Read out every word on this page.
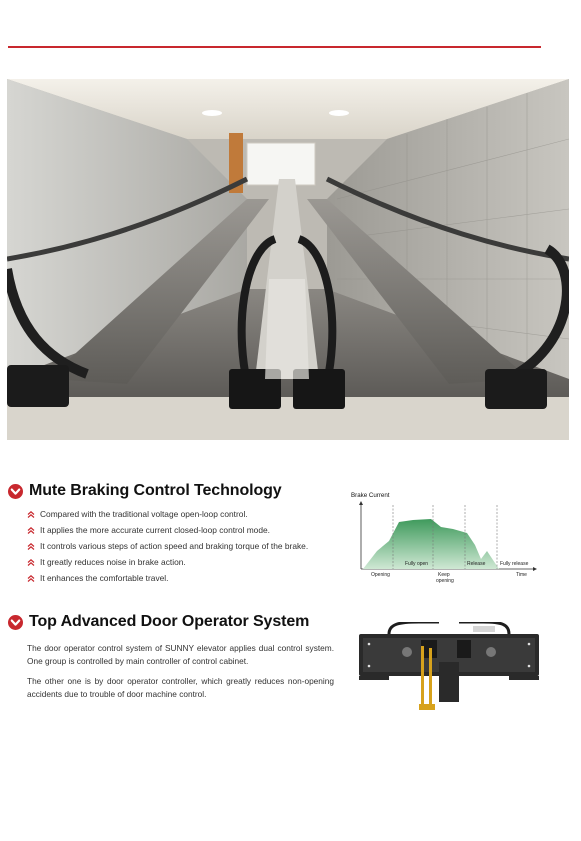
Mute Braking Control Technology
Compared with the traditional voltage open-loop control.
It applies the more accurate current closed-loop control mode.
It controls various steps of action speed and braking torque of the brake.
It greatly reduces noise in brake action.
It enhances the comfortable travel.
Brake Current
Fully open	Release	Fully release
Opening	Keep
opening
Time
Top Advanced Door Operator System

The door operator control system of SUNNY elevator applies dual control system. One group is controlled by main controller of control cabinet.

The other one is by door operator controller, which greatly reduces non-opening accidents due to trouble of door machine control.
